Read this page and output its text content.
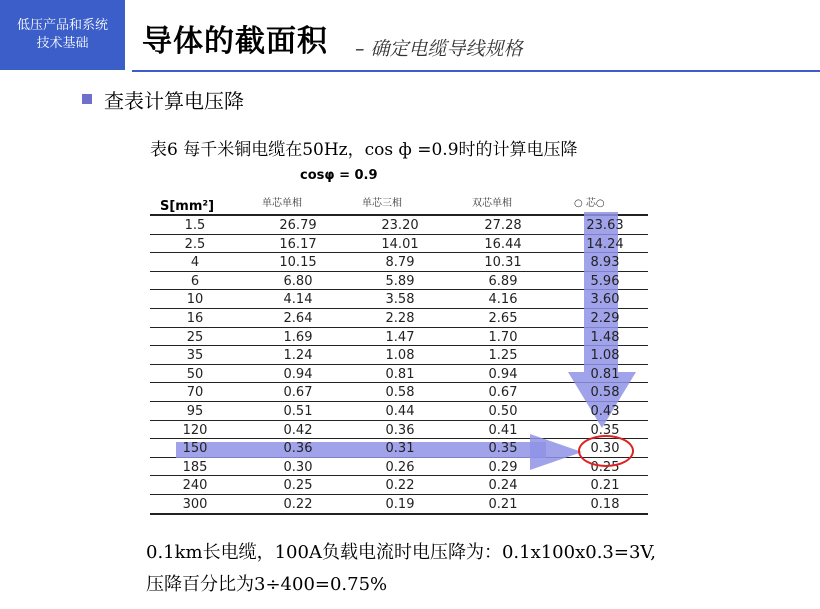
低压产品和系统
技术基础	导体的截面积 – 确定电缆导线规格
查表计算电压降
表6 每千米铜电缆在50Hz，cos ф =0.9时的计算电压降
cosφ = 0.9
S[mm²]	单芯单相	单芯三相	双芯单相	○ 芯○
1.5	26.79	23.20	27.28	23.63
2.5	16.17	14.01	16.44	14.24
4	10.15	8.79	10.31	8.93
6	6.80	5.89	6.89	5.96
10	4.14	3.58	4.16	3.60
16	2.64	2.28	2.65	2.29
25	1.69	1.47	1.70	1.48
35	1.24	1.08	1.25	1.08
50	0.94	0.81	0.94	0.81
70	0.67	0.58	0.67	0.58
95	0.51	0.44	0.50	0.43
120	0.42	0.36	0.41	0.35
150	0.36	0.31	0.35	0.30
185	0.30	0.26	0.29	0.25
240	0.25	0.22	0.24	0.21
300	0.22	0.19	0.21	0.18
0.1km长电缆，100A负载电流时电压降为：0.1x100x0.3=3V,
压降百分比为3÷400=0.75%
